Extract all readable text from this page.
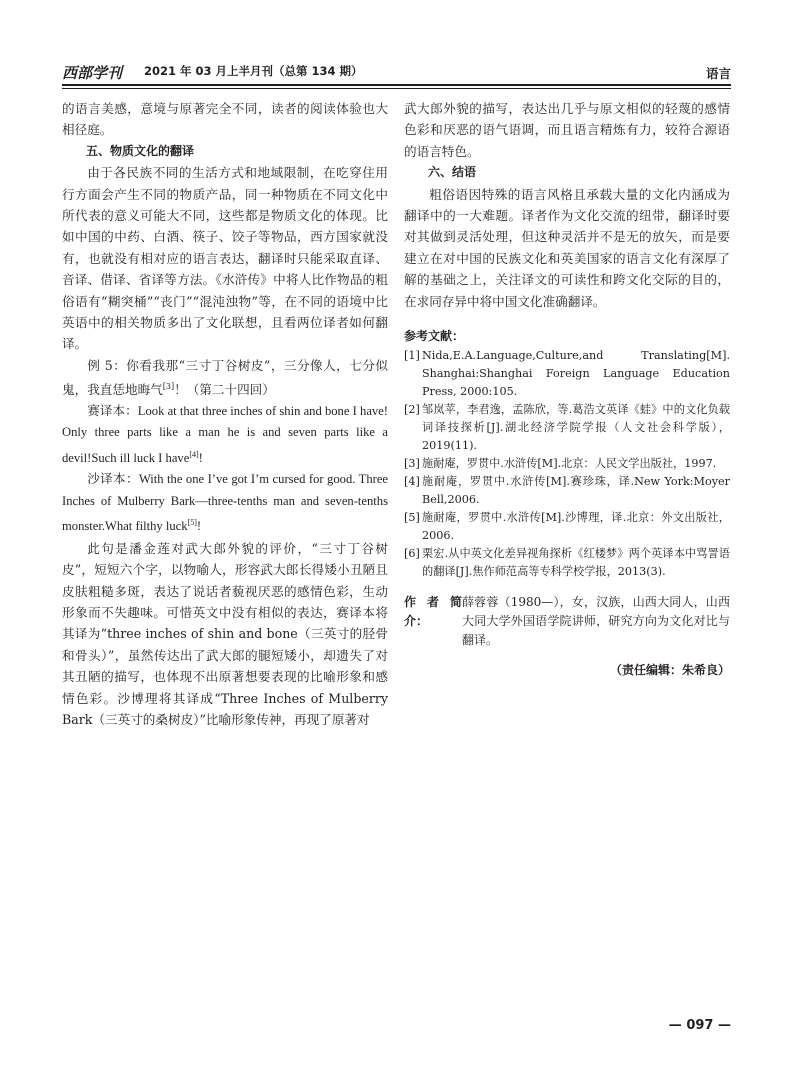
西部学刊 2021 年 03 月上半月刊（总第 134 期）	语言

的语言美感，意境与原著完全不同，读者的阅读体验也大相径庭。

五、物质文化的翻译

由于各民族不同的生活方式和地域限制，在吃穿住用行方面会产生不同的物质产品，同一种物质在不同文化中所代表的意义可能大不同，这些都是物质文化的体现。比如中国的中药、白酒、筷子、饺子等物品，西方国家就没有，也就没有相对应的语言表达，翻译时只能采取直译、音译、借译、省译等方法。《水浒传》中将人比作物品的粗俗语有“糊突桶”“丧门”“混沌浊物”等，在不同的语境中比英语中的相关物质多出了文化联想，且看两位译者如何翻译。

例 5：你看我那“三寸丁谷树皮”，三分像人，七分似鬼，我直恁地晦气[3]！（第二十四回）

赛译本：Look at that three inches of shin and bone I have! Only three parts like a man he is and seven parts like a devil!Such ill luck I have[4]!

沙译本：With the one I’ve got I’m cursed for good. Three Inches of Mulberry Bark—three-tenths man and seven-tenths monster.What filthy luck[5]!

此句是潘金莲对武大郎外貌的评价，“三寸丁谷树皮”，短短六个字，以物喻人，形容武大郎长得矮小丑陋且皮肤粗糙多斑，表达了说话者藐视厌恶的感情色彩，生动形象而不失趣味。可惜英文中没有相似的表达，赛译本将其译为“three inches of shin and bone（三英寸的胫骨和骨头）”，虽然传达出了武大郎的腿短矮小，却遗失了对其丑陋的描写，也体现不出原著想要表现的比喻形象和感情色彩。沙博理将其译成“Three Inches of Mulberry Bark（三英寸的桑树皮）”比喻形象传神，再现了原著对

武大郎外貌的描写，表达出几乎与原文相似的轻蔑的感情色彩和厌恶的语气语调，而且语言精炼有力，较符合源语的语言特色。

六、结语

粗俗语因特殊的语言风格且承载大量的文化内涵成为翻译中的一大难题。译者作为文化交流的纽带，翻译时要对其做到灵活处理，但这种灵活并不是无的放矢，而是要建立在对中国的民族文化和英美国家的语言文化有深厚了解的基础之上，关注译文的可读性和跨文化交际的目的，在求同存异中将中国文化准确翻译。

参考文献：

[1] Nida,E.A.Language,Culture,and Translating[M]. Shanghai:Shanghai Foreign Language Education Press, 2000:105.
[2] 邹岚苹，李君逸，孟陈欣，等.葛浩文英译《蛙》中的文化负载词译技探析[J].湖北经济学院学报（人文社会科学版），2019(11).
[3] 施耐庵，罗贯中.水浒传[M].北京：人民文学出版社，1997.
[4] 施耐庵，罗贯中.水浒传[M].赛珍珠，译.New York:Moyer Bell,2006.
[5] 施耐庵，罗贯中.水浒传[M].沙博理，译.北京：外文出版社，2006.
[6] 栗宏.从中英文化差异视角探析《红楼梦》两个英译本中骂詈语的翻译[J].焦作师范高等专科学校学报，2013(3).
作者简介：
薛蓉蓉（1980—），女，汉族，山西大同人，山西大同大学外国语学院讲师，研究方向为文化对比与翻译。

（责任编辑：朱希良）

— 097 —
